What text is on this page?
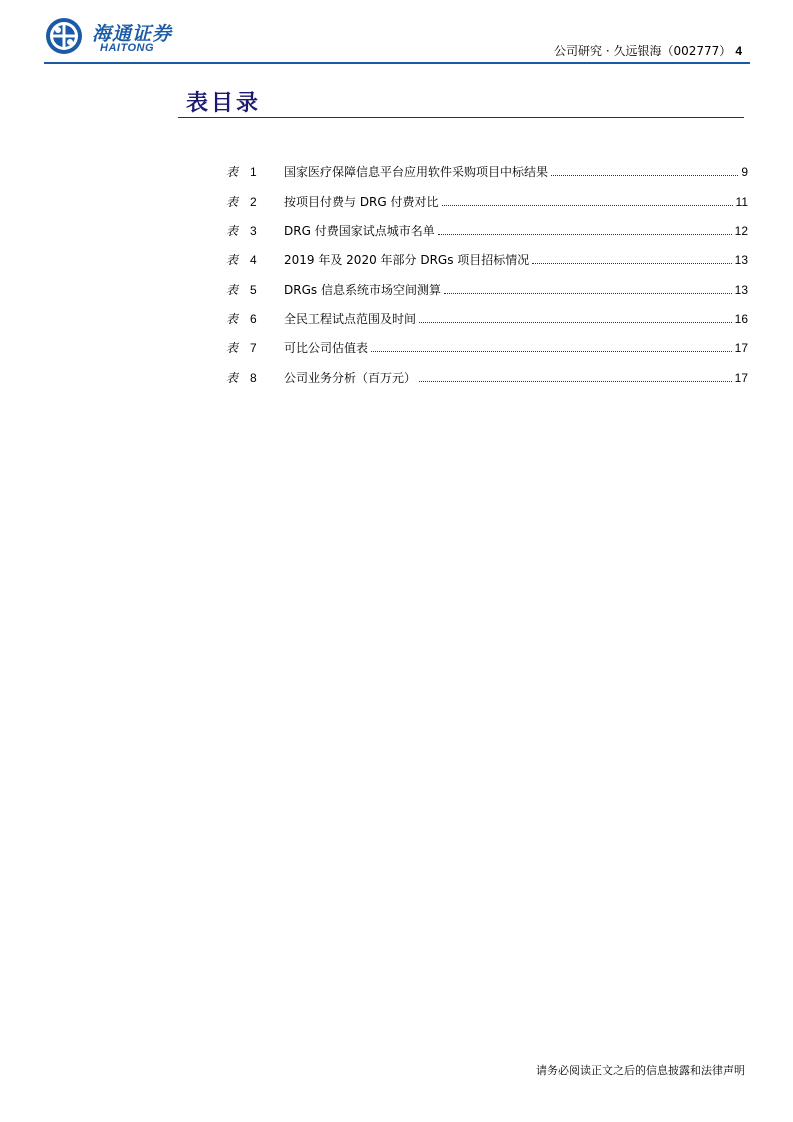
海通证券
HAITONG	公司研究 · 久远银海（002777） 4
表目录
表 1	国家医疗保障信息平台应用软件采购项目中标结果	9
表 2	按项目付费与 DRG 付费对比	11
表 3	DRG 付费国家试点城市名单	12
表 4	2019 年及 2020 年部分 DRGs 项目招标情况	13
表 5	DRGs 信息系统市场空间测算	13
表 6	全民工程试点范围及时间	16
表 7	可比公司估值表	17
表 8	公司业务分析（百万元）	17
请务必阅读正文之后的信息披露和法律声明
